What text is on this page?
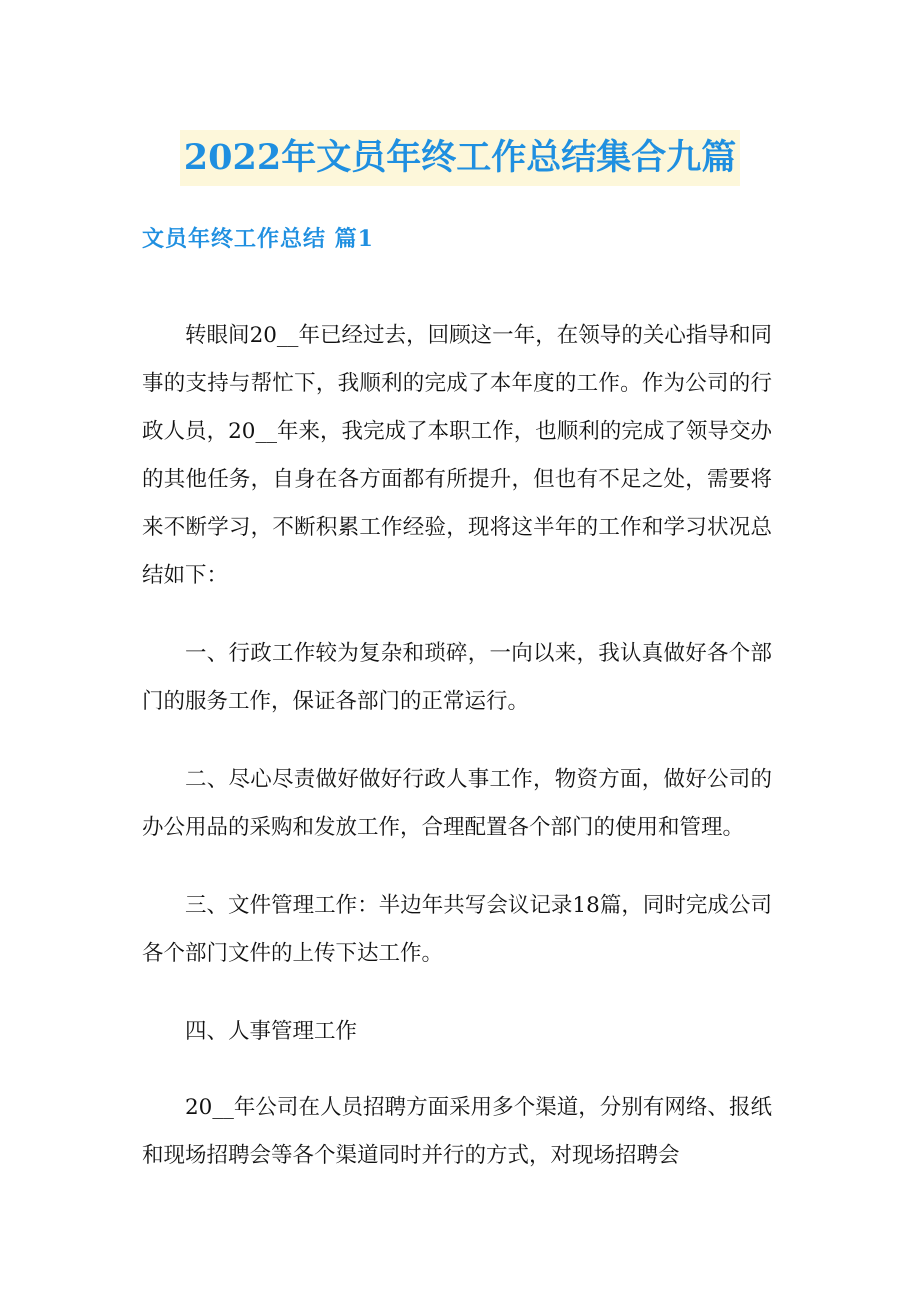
2022年文员年终工作总结集合九篇
文员年终工作总结 篇1

转眼间20__年已经过去，回顾这一年，在领导的关心指导和同事的支持与帮忙下，我顺利的完成了本年度的工作。作为公司的行政人员，20__年来，我完成了本职工作，也顺利的完成了领导交办的其他任务，自身在各方面都有所提升，但也有不足之处，需要将来不断学习，不断积累工作经验，现将这半年的工作和学习状况总结如下：

一、行政工作较为复杂和琐碎，一向以来，我认真做好各个部门的服务工作，保证各部门的正常运行。

二、尽心尽责做好做好行政人事工作，物资方面，做好公司的办公用品的采购和发放工作，合理配置各个部门的使用和管理。

三、文件管理工作：半边年共写会议记录18篇，同时完成公司各个部门文件的上传下达工作。

四、人事管理工作

20__年公司在人员招聘方面采用多个渠道，分别有网络、报纸和现场招聘会等各个渠道同时并行的方式，对现场招聘会
